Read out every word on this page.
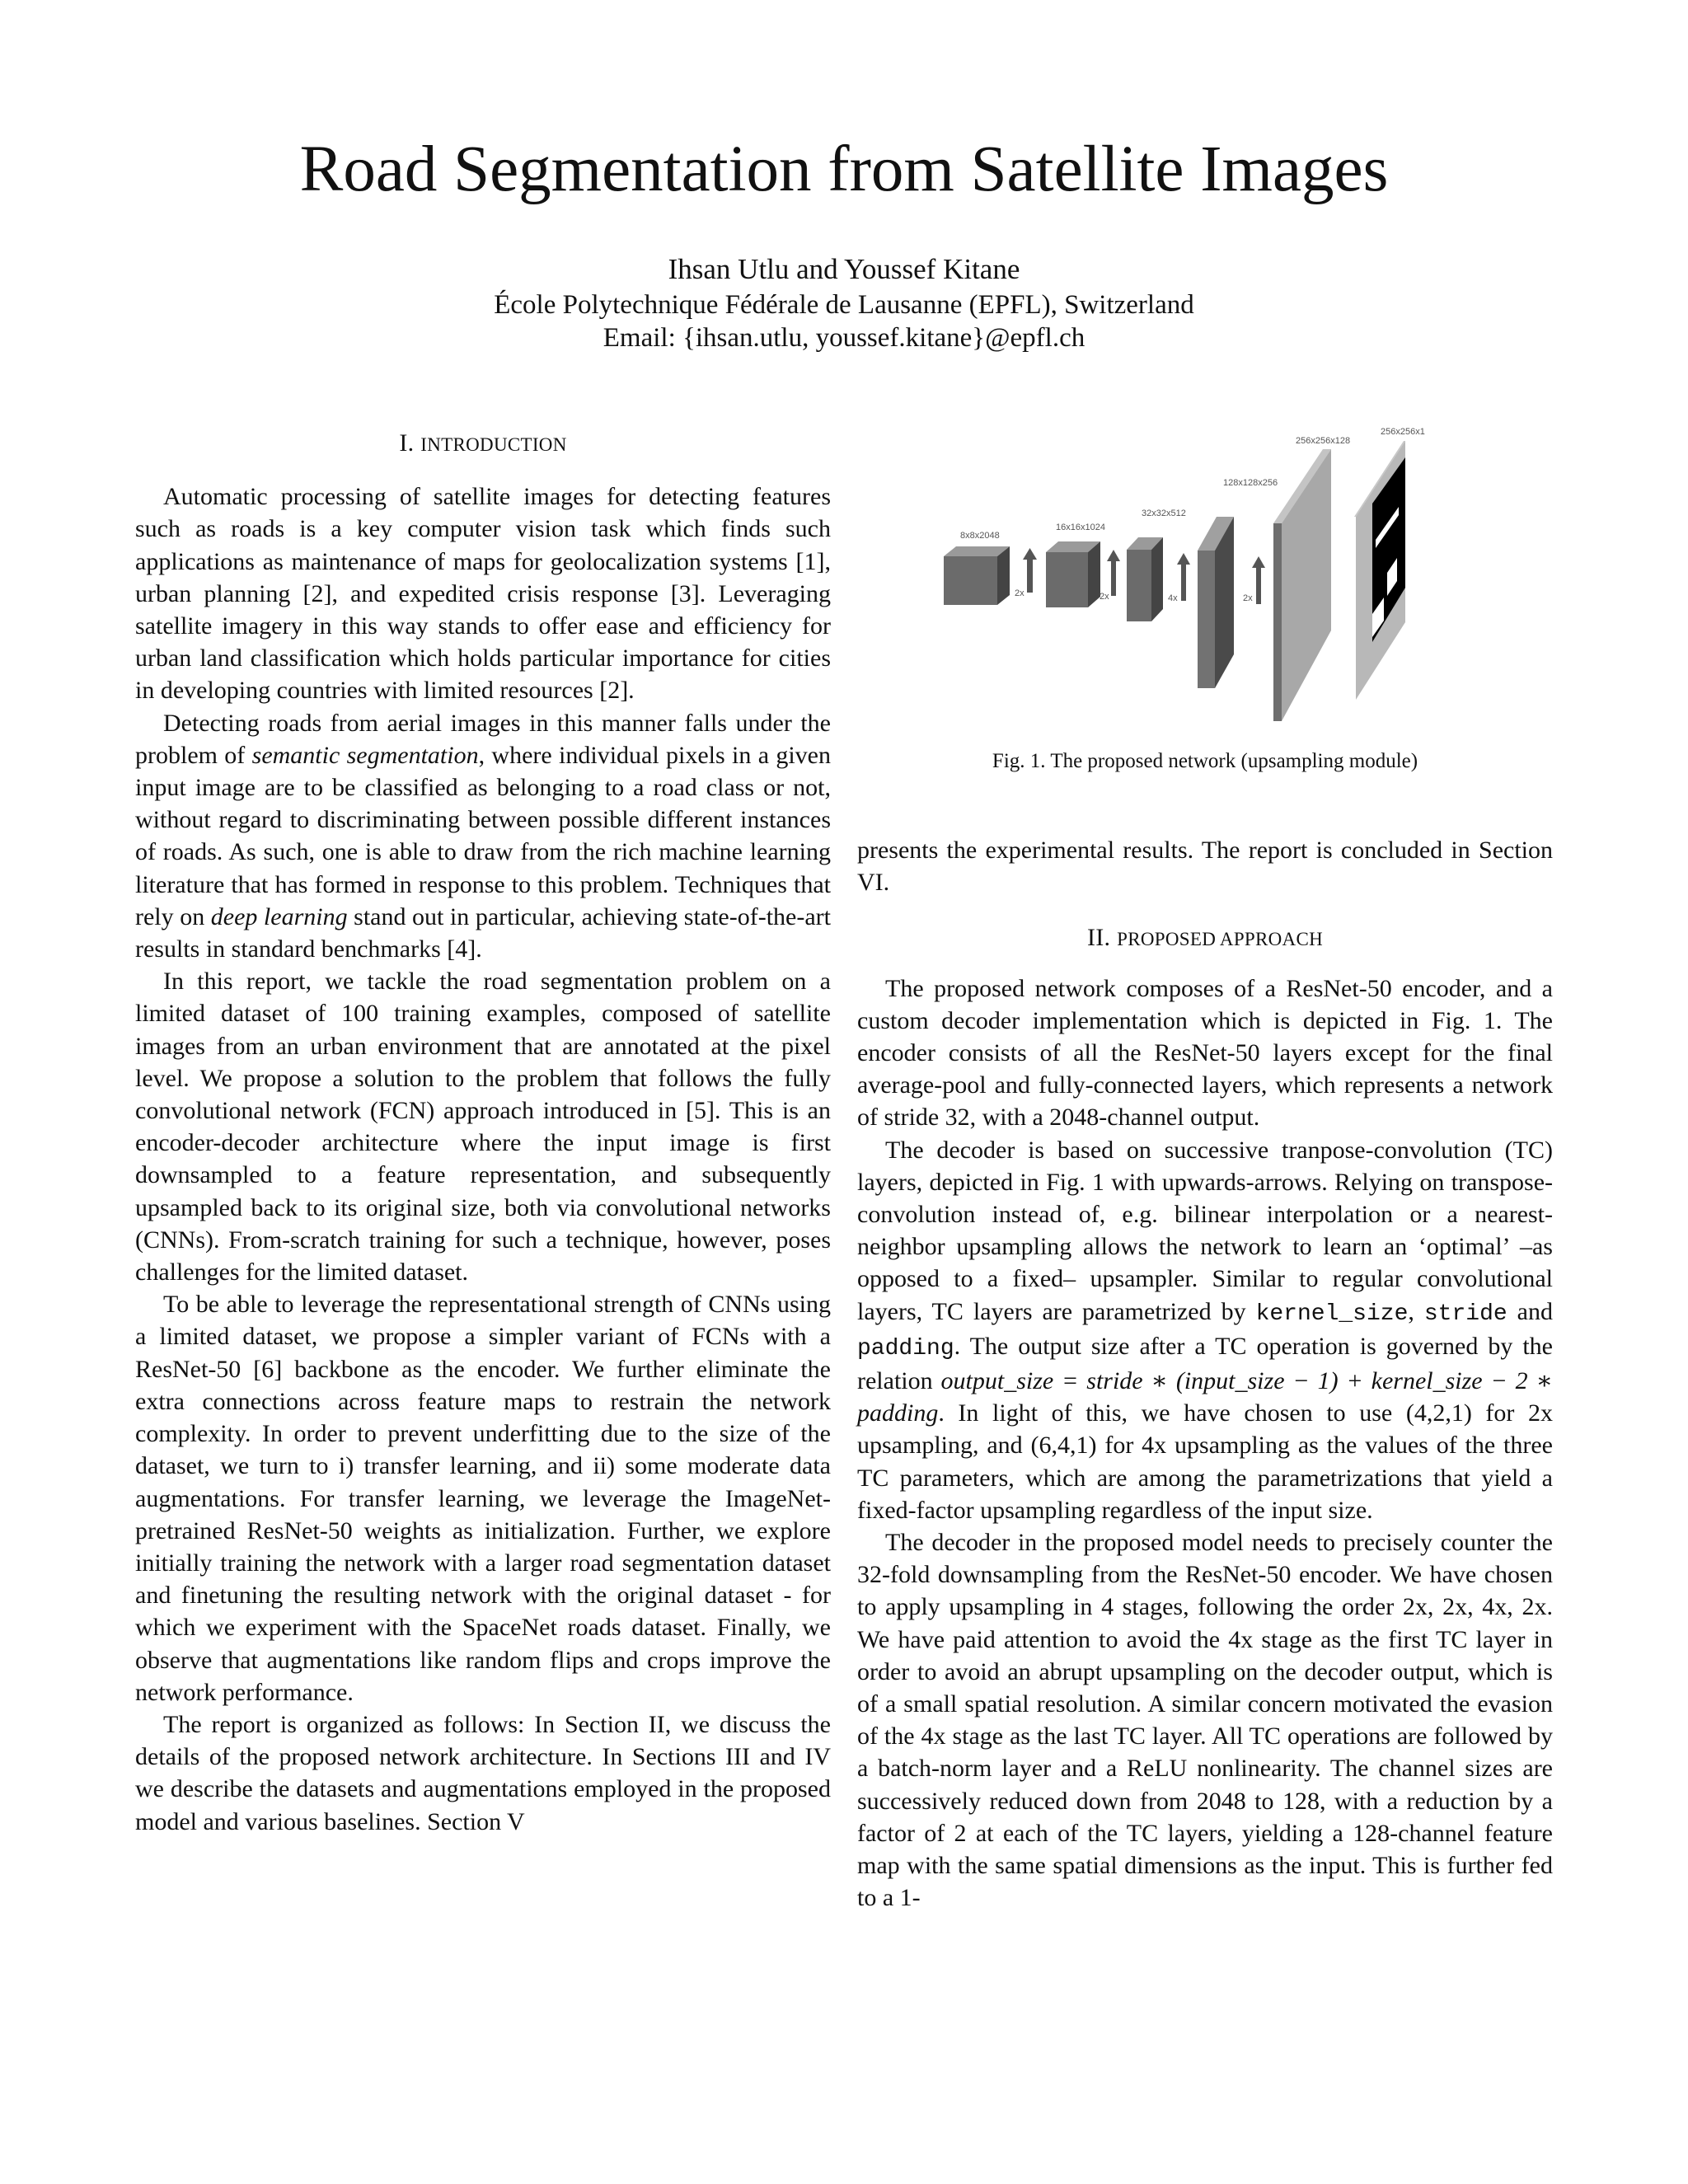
Road Segmentation from Satellite Images
Ihsan Utlu and Youssef Kitane
École Polytechnique Fédérale de Lausanne (EPFL), Switzerland
Email: {ihsan.utlu, youssef.kitane}@epfl.ch
I. INTRODUCTION

Automatic processing of satellite images for detecting features such as roads is a key computer vision task which finds such applications as maintenance of maps for geolocalization systems [1], urban planning [2], and expedited crisis response [3]. Leveraging satellite imagery in this way stands to offer ease and efficiency for urban land classification which holds particular importance for cities in developing countries with limited resources [2].

Detecting roads from aerial images in this manner falls under the problem of semantic segmentation, where individual pixels in a given input image are to be classified as belonging to a road class or not, without regard to discriminating between possible different instances of roads. As such, one is able to draw from the rich machine learning literature that has formed in response to this problem. Techniques that rely on deep learning stand out in particular, achieving state-of-the-art results in standard benchmarks [4].

In this report, we tackle the road segmentation problem on a limited dataset of 100 training examples, composed of satellite images from an urban environment that are annotated at the pixel level. We propose a solution to the problem that follows the fully convolutional network (FCN) approach introduced in [5]. This is an encoder-decoder architecture where the input image is first downsampled to a feature representation, and subsequently upsampled back to its original size, both via convolutional networks (CNNs). From-scratch training for such a technique, however, poses challenges for the limited dataset.

To be able to leverage the representational strength of CNNs using a limited dataset, we propose a simpler variant of FCNs with a ResNet-50 [6] backbone as the encoder. We further eliminate the extra connections across feature maps to restrain the network complexity. In order to prevent underfitting due to the size of the dataset, we turn to i) transfer learning, and ii) some moderate data augmentations. For transfer learning, we leverage the ImageNet-pretrained ResNet-50 weights as initialization. Further, we explore initially training the network with a larger road segmentation dataset and finetuning the resulting network with the original dataset - for which we experiment with the SpaceNet roads dataset. Finally, we observe that augmentations like random flips and crops improve the network performance.

The report is organized as follows: In Section II, we discuss the details of the proposed network architecture. In Sections III and IV we describe the datasets and augmentations employed in the proposed model and various baselines. Section V

8x8x2048
2x
16x16x1024
2x
32x32x512
4x
128x128x256
2x
256x256x128
256x256x1
Fig. 1. The proposed network (upsampling module)

presents the experimental results. The report is concluded in Section VI.

II. PROPOSED APPROACH

The proposed network composes of a ResNet-50 encoder, and a custom decoder implementation which is depicted in Fig. 1. The encoder consists of all the ResNet-50 layers except for the final average-pool and fully-connected layers, which represents a network of stride 32, with a 2048-channel output.

The decoder is based on successive tranpose-convolution (TC) layers, depicted in Fig. 1 with upwards-arrows. Relying on transpose-convolution instead of, e.g. bilinear interpolation or a nearest-neighbor upsampling allows the network to learn an ‘optimal’ –as opposed to a fixed– upsampler. Similar to regular convolutional layers, TC layers are parametrized by kernel_size, stride and padding. The output size after a TC operation is governed by the relation output_size = stride ∗ (input_size − 1) + kernel_size − 2 ∗ padding. In light of this, we have chosen to use (4,2,1) for 2x upsampling, and (6,4,1) for 4x upsampling as the values of the three TC parameters, which are among the parametrizations that yield a fixed-factor upsampling regardless of the input size.

The decoder in the proposed model needs to precisely counter the 32-fold downsampling from the ResNet-50 encoder. We have chosen to apply upsampling in 4 stages, following the order 2x, 2x, 4x, 2x. We have paid attention to avoid the 4x stage as the first TC layer in order to avoid an abrupt upsampling on the decoder output, which is of a small spatial resolution. A similar concern motivated the evasion of the 4x stage as the last TC layer. All TC operations are followed by a batch-norm layer and a ReLU nonlinearity. The channel sizes are successively reduced down from 2048 to 128, with a reduction by a factor of 2 at each of the TC layers, yielding a 128-channel feature map with the same spatial dimensions as the input. This is further fed to a 1-
